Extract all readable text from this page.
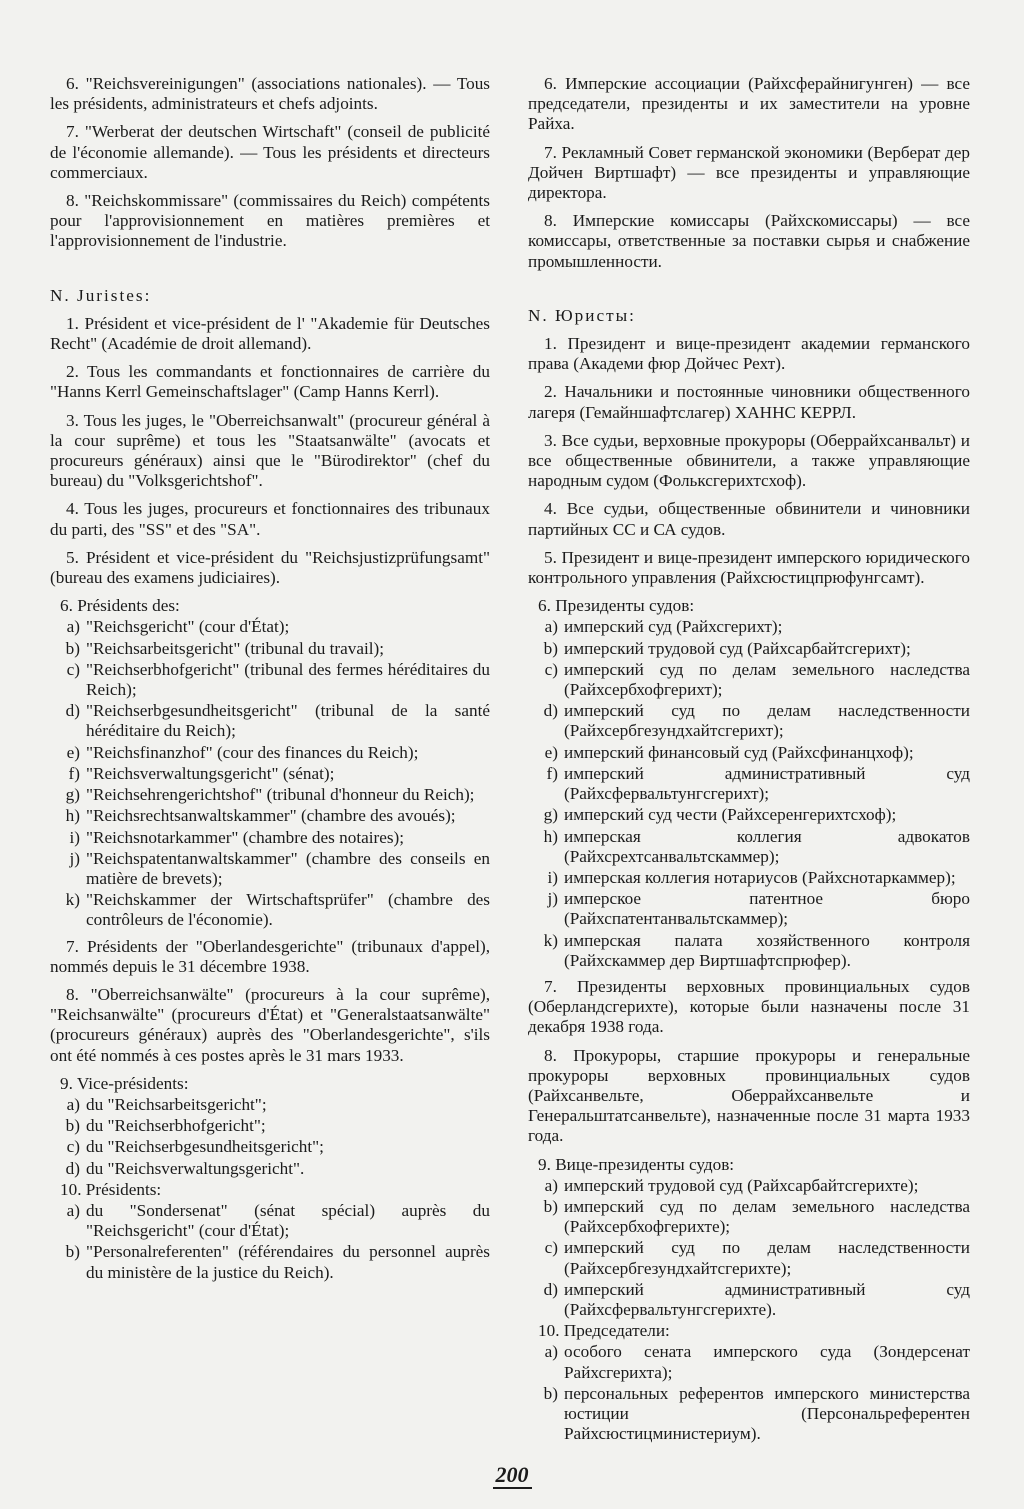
6. "Reichsvereinigungen" (associations nationales). — Tous les présidents, administrateurs et chefs adjoints.

7. "Werberat der deutschen Wirtschaft" (conseil de publicité de l'économie allemande). — Tous les présidents et directeurs commerciaux.

8. "Reichskommissare" (commissaires du Reich) compétents pour l'approvisionnement en matières premières et l'approvisionnement de l'industrie.

N. Juristes:

1. Président et vice-président de l' "Akademie für Deutsches Recht" (Académie de droit allemand).

2. Tous les commandants et fonctionnaires de carrière du "Hanns Kerrl Gemeinschaftslager" (Camp Hanns Kerrl).

3. Tous les juges, le "Oberreichsanwalt" (procureur général à la cour suprême) et tous les "Staatsanwälte" (avocats et procureurs généraux) ainsi que le "Bürodirektor" (chef du bureau) du "Volksgerichtshof".

4. Tous les juges, procureurs et fonctionnaires des tribunaux du parti, des "SS" et des "SA".

5. Président et vice-président du "Reichsjustizprüfungsamt" (bureau des examens judiciaires).

6. Présidents des:

a) "Reichsgericht" (cour d'État);
b) "Reichsarbeitsgericht" (tribunal du travail);
c) "Reichserbhofgericht" (tribunal des fermes héréditaires du Reich);
d) "Reichserbgesundheitsgericht" (tribunal de la santé héréditaire du Reich);
e) "Reichsfinanzhof" (cour des finances du Reich);
f) "Reichsverwaltungsgericht" (sénat);
g) "Reichsehrengerichtshof" (tribunal d'honneur du Reich);
h) "Reichsrechtsanwaltskammer" (chambre des avoués);
i) "Reichsnotarkammer" (chambre des notaires);
j) "Reichspatentanwaltskammer" (chambre des conseils en matière de brevets);
k) "Reichskammer der Wirtschaftsprüfer" (chambre des contrôleurs de l'économie).

7. Présidents der "Oberlandesgerichte" (tribunaux d'appel), nommés depuis le 31 décembre 1938.

8. "Oberreichsanwälte" (procureurs à la cour suprême), "Reichsanwälte" (procureurs d'État) et "Generalstaatsanwälte" (procureurs généraux) auprès des "Oberlandesgerichte", s'ils ont été nommés à ces postes après le 31 mars 1933.

9. Vice-présidents:

a) du "Reichsarbeitsgericht";
b) du "Reichserbhofgericht";
c) du "Reichserbgesundheitsgericht";
d) du "Reichsverwaltungsgericht".

10. Présidents:

a) du "Sondersenat" (sénat spécial) auprès du "Reichsgericht" (cour d'État);
b) "Personalreferenten" (référendaires du personnel auprès du ministère de la justice du Reich).

6. Имперские ассоциации (Райхсферайнигунген) — все председатели, президенты и их заместители на уровне Райха.

7. Рекламный Совет германской экономики (Верберат дер Дойчен Виртшафт) — все президенты и управляющие директора.

8. Имперские комиссары (Райхскомиссары) — все комиссары, ответственные за поставки сырья и снабжение промышленности.

N. Юристы:

1. Президент и вице-президент академии германского права (Академи фюр Дойчес Рехт).

2. Начальники и постоянные чиновники общественного лагеря (Гемайншафтслагер) ХАННС КЕРРЛ.

3. Все судьи, верховные прокуроры (Оберрайхсанвальт) и все общественные обвинители, а также управляющие народным судом (Фольксгерихтсхоф).

4. Все судьи, общественные обвинители и чиновники партийных СС и СА судов.

5. Президент и вице-президент имперского юридического контрольного управления (Райхсюстицпрюфунгсамт).

6. Президенты судов:

a) имперский суд (Райхсгерихт);
b) имперский трудовой суд (Райхсарбайтсгерихт);
c) имперский суд по делам земельного наследства (Райхсербхофгерихт);
d) имперский суд по делам наследственности (Райхсербгезундхайтсгерихт);
e) имперский финансовый суд (Райхсфинанцхоф);
f) имперский административный суд (Райхсфервальтунгсгерихт);
g) имперский суд чести (Райхсеренгерихтсхоф);
h) имперская коллегия адвокатов (Райхсрехтсанвальтскаммер);
i) имперская коллегия нотариусов (Райхснотаркаммер);
j) имперское патентное бюро (Райхспатентанвальтскаммер);
k) имперская палата хозяйственного контроля (Райхскаммер дер Виртшафтспрюфер).

7. Президенты верховных провинциальных судов (Оберландсгерихте), которые были назначены после 31 декабря 1938 года.

8. Прокуроры, старшие прокуроры и генеральные прокуроры верховных провинциальных судов (Райхсанвельте, Оберрайхсанвельте и Генеральштатсанвельте), назначенные после 31 марта 1933 года.

9. Вице-президенты судов:

a) имперский трудовой суд (Райхсарбайтсгерихте);
b) имперский суд по делам земельного наследства (Райхсербхофгерихте);
c) имперский суд по делам наследственности (Райхсербгезундхайтсгерихте);
d) имперский административный суд (Райхсфервальтунгсгерихте).

10. Председатели:

a) особого сената имперского суда (Зондерсенат Райхсгерихта);
b) персональных референтов имперского министерства юстиции (Персональреферентен Райхсюстицминистериум).
200
